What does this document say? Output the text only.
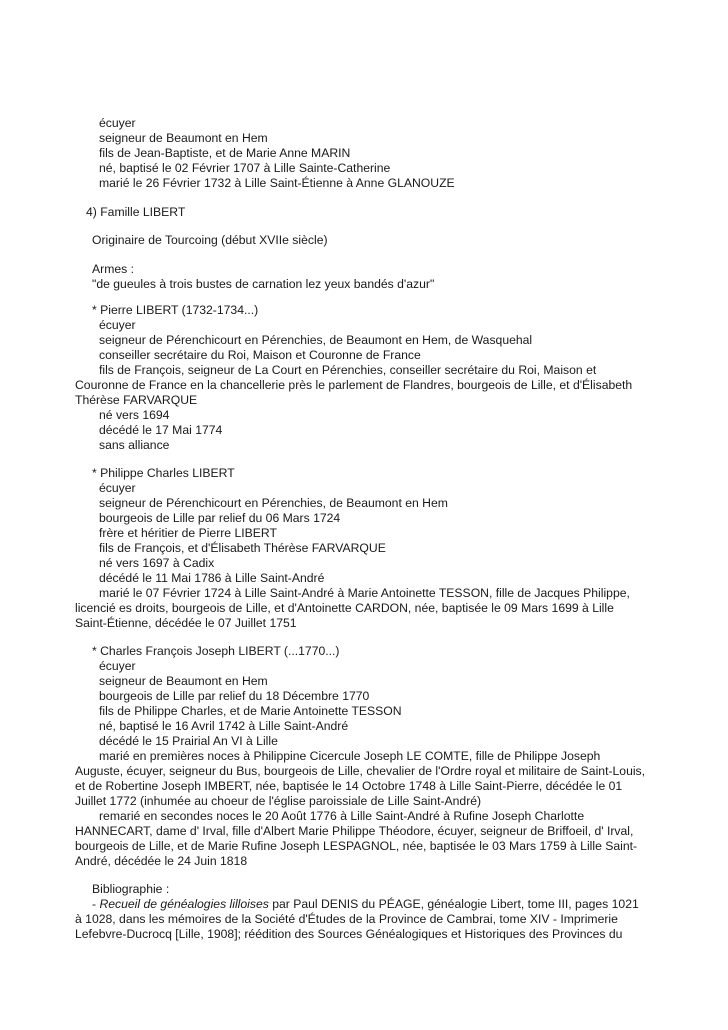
écuyer

seigneur de Beaumont en Hem

fils de Jean-Baptiste, et de Marie Anne MARIN

né, baptisé le 02 Février 1707 à Lille Sainte-Catherine

marié le 26 Février 1732 à Lille Saint-Étienne à Anne GLANOUZE

4) Famille LIBERT

Originaire de Tourcoing (début XVIIe siècle)

Armes :

"de gueules à trois bustes de carnation lez yeux bandés d'azur"

* Pierre LIBERT (1732-1734...)

écuyer

seigneur de Pérenchicourt en Pérenchies, de Beaumont en Hem, de Wasquehal

conseiller secrétaire du Roi, Maison et Couronne de France

fils de François, seigneur de La Court en Pérenchies, conseiller secrétaire du Roi, Maison et

Couronne de France en la chancellerie près le parlement de Flandres, bourgeois de Lille, et d'Élisabeth

Thérèse FARVARQUE

né vers 1694

décédé le 17 Mai 1774

sans alliance

* Philippe Charles LIBERT

écuyer

seigneur de Pérenchicourt en Pérenchies, de Beaumont en Hem

bourgeois de Lille par relief du 06 Mars 1724

frère et héritier de Pierre LIBERT

fils de François, et d'Élisabeth Thérèse FARVARQUE

né vers 1697 à Cadix

décédé le 11 Mai 1786 à Lille Saint-André

marié le 07 Février 1724 à Lille Saint-André à Marie Antoinette TESSON, fille de Jacques Philippe,

licencié es droits, bourgeois de Lille, et d'Antoinette CARDON, née, baptisée le 09 Mars 1699 à Lille

Saint-Étienne, décédée le 07 Juillet 1751

* Charles François Joseph LIBERT (...1770...)

écuyer

seigneur de Beaumont en Hem

bourgeois de Lille par relief du 18 Décembre 1770

fils de Philippe Charles, et de Marie Antoinette TESSON

né, baptisé le 16 Avril 1742 à Lille Saint-André

décédé le 15 Prairial An VI à Lille

marié en premières noces à Philippine Cicercule Joseph LE COMTE, fille de Philippe Joseph

Auguste, écuyer, seigneur du Bus, bourgeois de Lille, chevalier de l'Ordre royal et militaire de Saint-Louis,

et de Robertine Joseph IMBERT, née, baptisée le 14 Octobre 1748 à Lille Saint-Pierre, décédée le 01

Juillet 1772 (inhumée au choeur de l'église paroissiale de Lille Saint-André)

remarié en secondes noces le 20 Août 1776 à Lille Saint-André à Rufine Joseph Charlotte

HANNECART, dame d' Irval, fille d'Albert Marie Philippe Théodore, écuyer, seigneur de Briffoeil, d' Irval,

bourgeois de Lille, et de Marie Rufine Joseph LESPAGNOL, née, baptisée le 03 Mars 1759 à Lille Saint-

André, décédée le 24 Juin 1818

Bibliographie :

- Recueil de généalogies lilloises par Paul DENIS du PÉAGE, généalogie Libert, tome III, pages 1021

à 1028, dans les mémoires de la Société d'Études de la Province de Cambrai, tome XIV - Imprimerie

Lefebvre-Ducrocq [Lille, 1908]; réédition des Sources Généalogiques et Historiques des Provinces du
